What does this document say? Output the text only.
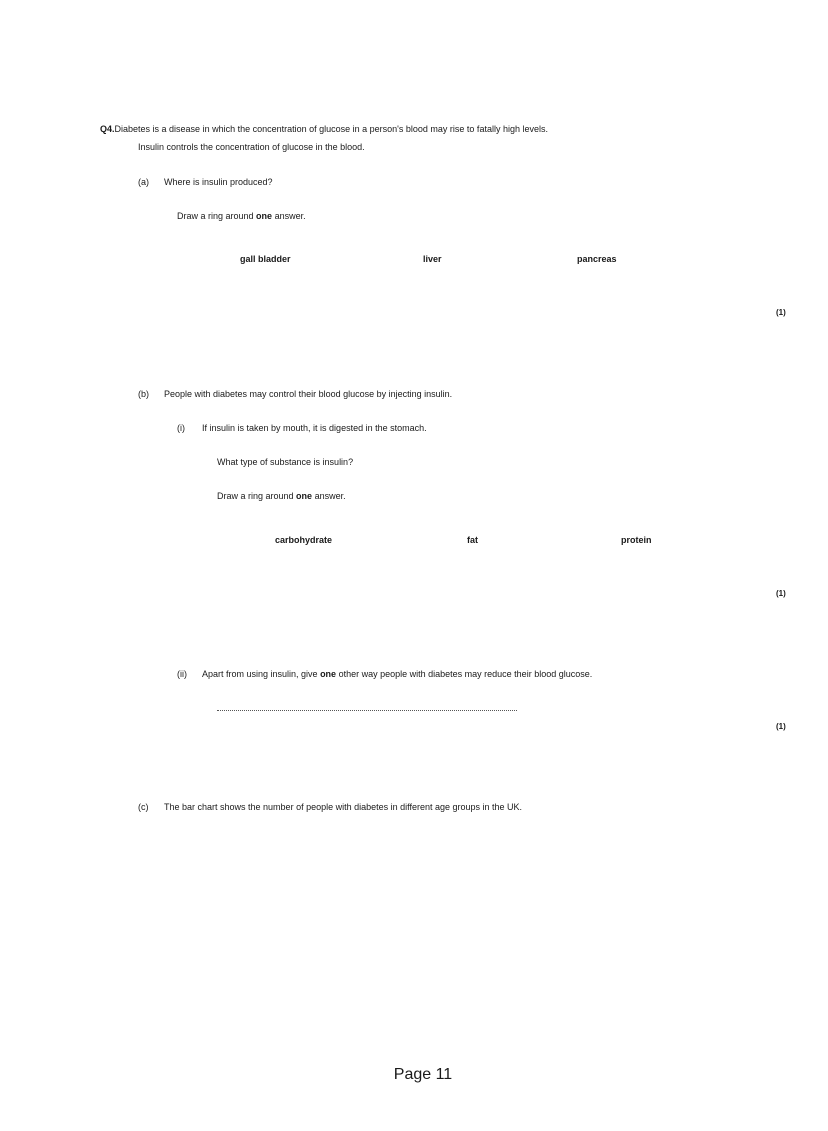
Q4.Diabetes is a disease in which the concentration of glucose in a person's blood may rise to fatally high levels.
Insulin controls the concentration of glucose in the blood.
(a) Where is insulin produced?
Draw a ring around one answer.
gall bladder	liver	pancreas
(1)
(b) People with diabetes may control their blood glucose by injecting insulin.
(i) If insulin is taken by mouth, it is digested in the stomach.
What type of substance is insulin?
Draw a ring around one answer.
carbohydrate	fat	protein
(1)
(ii) Apart from using insulin, give one other way people with diabetes may reduce their blood glucose.
(1)
(c) The bar chart shows the number of people with diabetes in different age groups in the UK.
Page 11
